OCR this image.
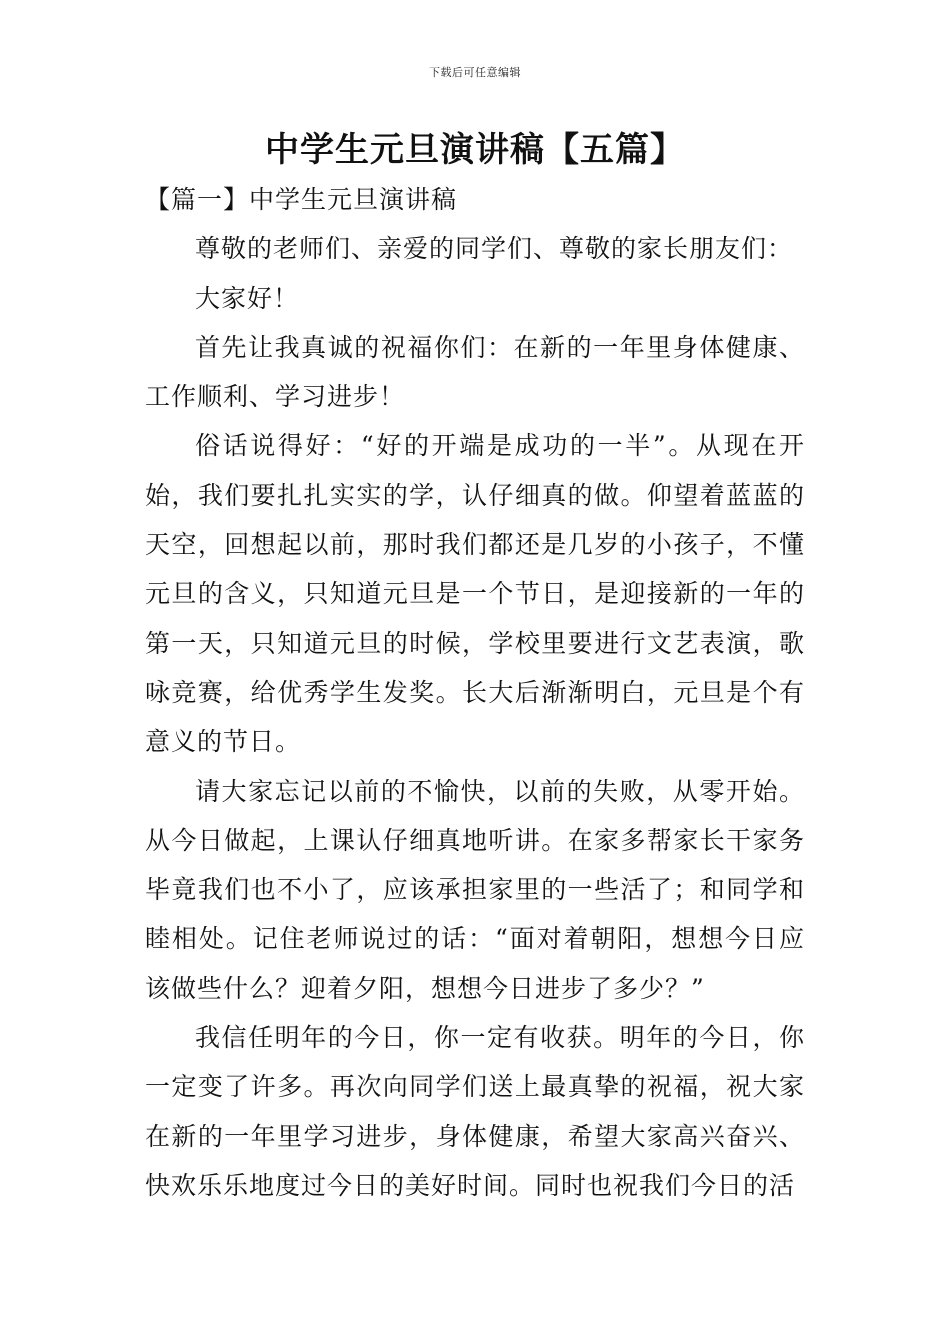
下载后可任意编辑
中学生元旦演讲稿【五篇】
【篇一】中学生元旦演讲稿

尊敬的老师们、亲爱的同学们、尊敬的家长朋友们：

大家好！

首先让我真诚的祝福你们：在新的一年里身体健康、工作顺利、学习进步！

俗话说得好：“好的开端是成功的一半”。从现在开始，我们要扎扎实实的学，认仔细真的做。仰望着蓝蓝的天空，回想起以前，那时我们都还是几岁的小孩子，不懂元旦的含义，只知道元旦是一个节日，是迎接新的一年的第一天，只知道元旦的时候，学校里要进行文艺表演，歌咏竞赛，给优秀学生发奖。长大后渐渐明白，元旦是个有意义的节日。

请大家忘记以前的不愉快，以前的失败，从零开始。从今日做起，上课认仔细真地听讲。在家多帮家长干家务毕竟我们也不小了，应该承担家里的一些活了；和同学和睦相处。记住老师说过的话：“面对着朝阳，想想今日应该做些什么？迎着夕阳，想想今日进步了多少？”

我信任明年的今日，你一定有收获。明年的今日，你一定变了许多。再次向同学们送上最真挚的祝福，祝大家在新的一年里学习进步，身体健康，希望大家高兴奋兴、快欢乐乐地度过今日的美好时间。同时也祝我们今日的活
